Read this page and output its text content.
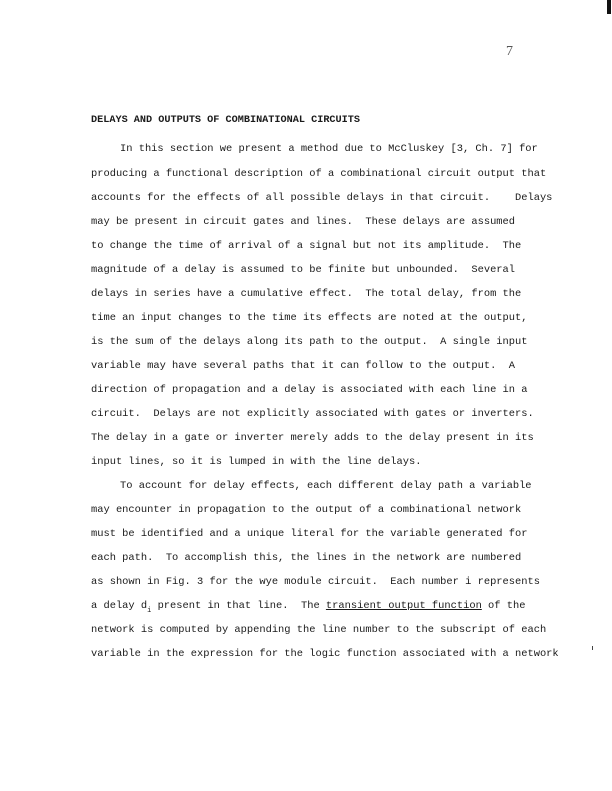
7
DELAYS AND OUTPUTS OF COMBINATIONAL CIRCUITS
In this section we present a method due to McCluskey [3, Ch. 7] for
producing a functional description of a combinational circuit output that
accounts for the effects of all possible delays in that circuit.    Delays
may be present in circuit gates and lines.  These delays are assumed
to change the time of arrival of a signal but not its amplitude.  The
magnitude of a delay is assumed to be finite but unbounded.  Several
delays in series have a cumulative effect.  The total delay, from the
time an input changes to the time its effects are noted at the output,
is the sum of the delays along its path to the output.  A single input
variable may have several paths that it can follow to the output.  A
direction of propagation and a delay is associated with each line in a
circuit.  Delays are not explicitly associated with gates or inverters.
The delay in a gate or inverter merely adds to the delay present in its
input lines, so it is lumped in with the line delays.
To account for delay effects, each different delay path a variable
may encounter in propagation to the output of a combinational network
must be identified and a unique literal for the variable generated for
each path.  To accomplish this, the lines in the network are numbered
as shown in Fig. 3 for the wye module circuit.  Each number i represents
a delay $d_i$ present in that line.  The transient output function of the
network is computed by appending the line number to the subscript of each
variable in the expression for the logic function associated with a network
